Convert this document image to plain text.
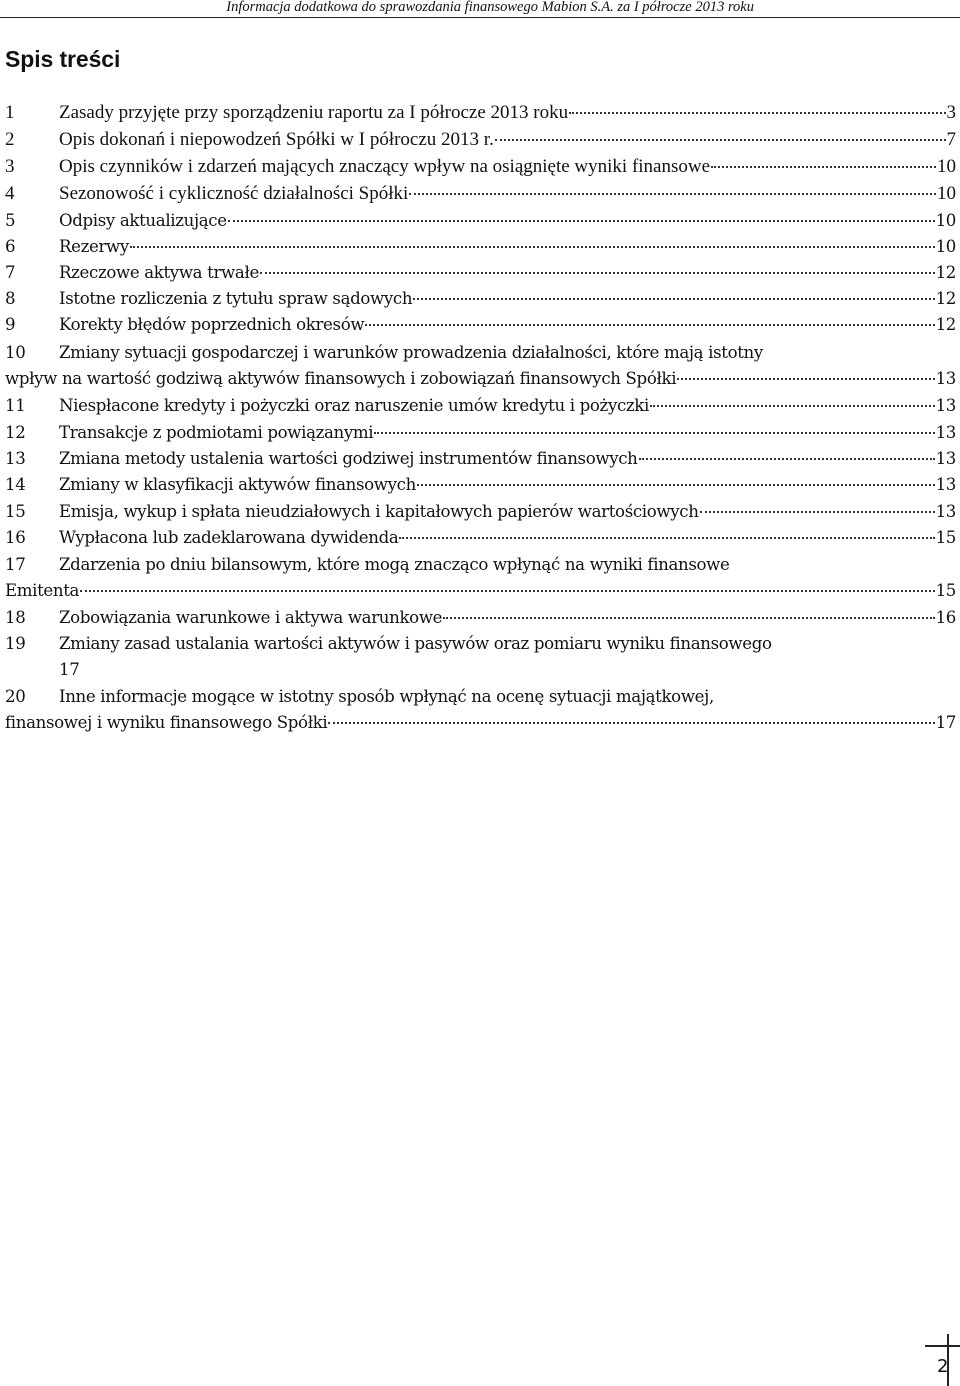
Informacja dodatkowa do sprawozdania finansowego Mabion S.A. za I półrocze 2013 roku
Spis treści
1	Zasady przyjęte przy sporządzeniu raportu za I półrocze 2013 roku	3
2	Opis dokonań i niepowodzeń Spółki w I półroczu 2013 r.	7
3	Opis czynników i zdarzeń mających znaczący wpływ na osiągnięte wyniki finansowe	10
4	Sezonowość i cykliczność działalności Spółki	10
5	Odpisy aktualizujące	10
6	Rezerwy	10
7	Rzeczowe aktywa trwałe	12
8	Istotne rozliczenia z tytułu spraw sądowych	12
9	Korekty błędów poprzednich okresów	12
10	Zmiany sytuacji gospodarczej i warunków prowadzenia działalności, które mają istotny
wpływ na wartość godziwą aktywów finansowych i zobowiązań finansowych Spółki	13
11	Niespłacone kredyty i pożyczki oraz naruszenie umów kredytu i pożyczki	13
12	Transakcje z podmiotami powiązanymi	13
13	Zmiana metody ustalenia wartości godziwej instrumentów finansowych	13
14	Zmiany w klasyfikacji aktywów finansowych	13
15	Emisja, wykup i spłata nieudziałowych i kapitałowych papierów wartościowych	13
16	Wypłacona lub zadeklarowana dywidenda	15
17	Zdarzenia po dniu bilansowym, które mogą znacząco wpłynąć na wyniki finansowe
Emitenta	15
18	Zobowiązania warunkowe i aktywa warunkowe	16
19	Zmiany zasad ustalania wartości aktywów i pasywów oraz pomiaru wyniku finansowego
17
20	Inne informacje mogące w istotny sposób wpłynąć na ocenę sytuacji majątkowej,
finansowej i wyniku finansowego Spółki	17
2
